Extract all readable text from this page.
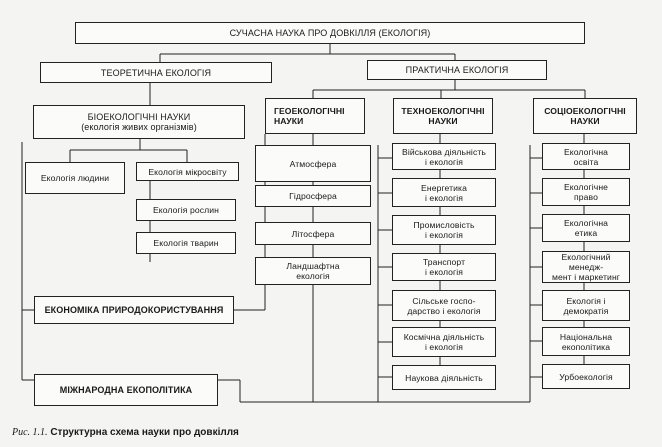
СУЧАСНА НАУКА ПРО ДОВКІЛЛЯ (ЕКОЛОГІЯ)
ТЕОРЕТИЧНА ЕКОЛОГІЯ	ПРАКТИЧНА ЕКОЛОГІЯ
БІОЕКОЛОГІЧНІ НАУКИ
(екологія живих організмів)
Екологія людини
Екологія мікросвіту
Екологія рослин
Екологія тварин
ЕКОНОМІКА ПРИРОДОКОРИСТУВАННЯ
МІЖНАРОДНА ЕКОПОЛІТИКА
ГЕОЕКОЛОГІЧНІ
НАУКИ
ТЕХНОЕКОЛОГІЧНІ
НАУКИ
СОЦІОЕКОЛОГІЧНІ
НАУКИ
Атмосфера
Гідросфера
Літосфера
Ландшафтна
екологія
Військова діяльність
і екологія
Енергетика
і екологія
Промисловість
і екологія
Транспорт
і екологія
Сільське госпо-
дарство і екологія
Космічна діяльність
і екологія
Наукова діяльність
Екологічна
освіта
Екологічне
право
Екологічна
етика
Екологічний менедж-
мент і маркетинг
Екологія і
демократія
Національна
екополітика
Урбоекологія
Рис. 1.1. Структурна схема науки про довкілля
